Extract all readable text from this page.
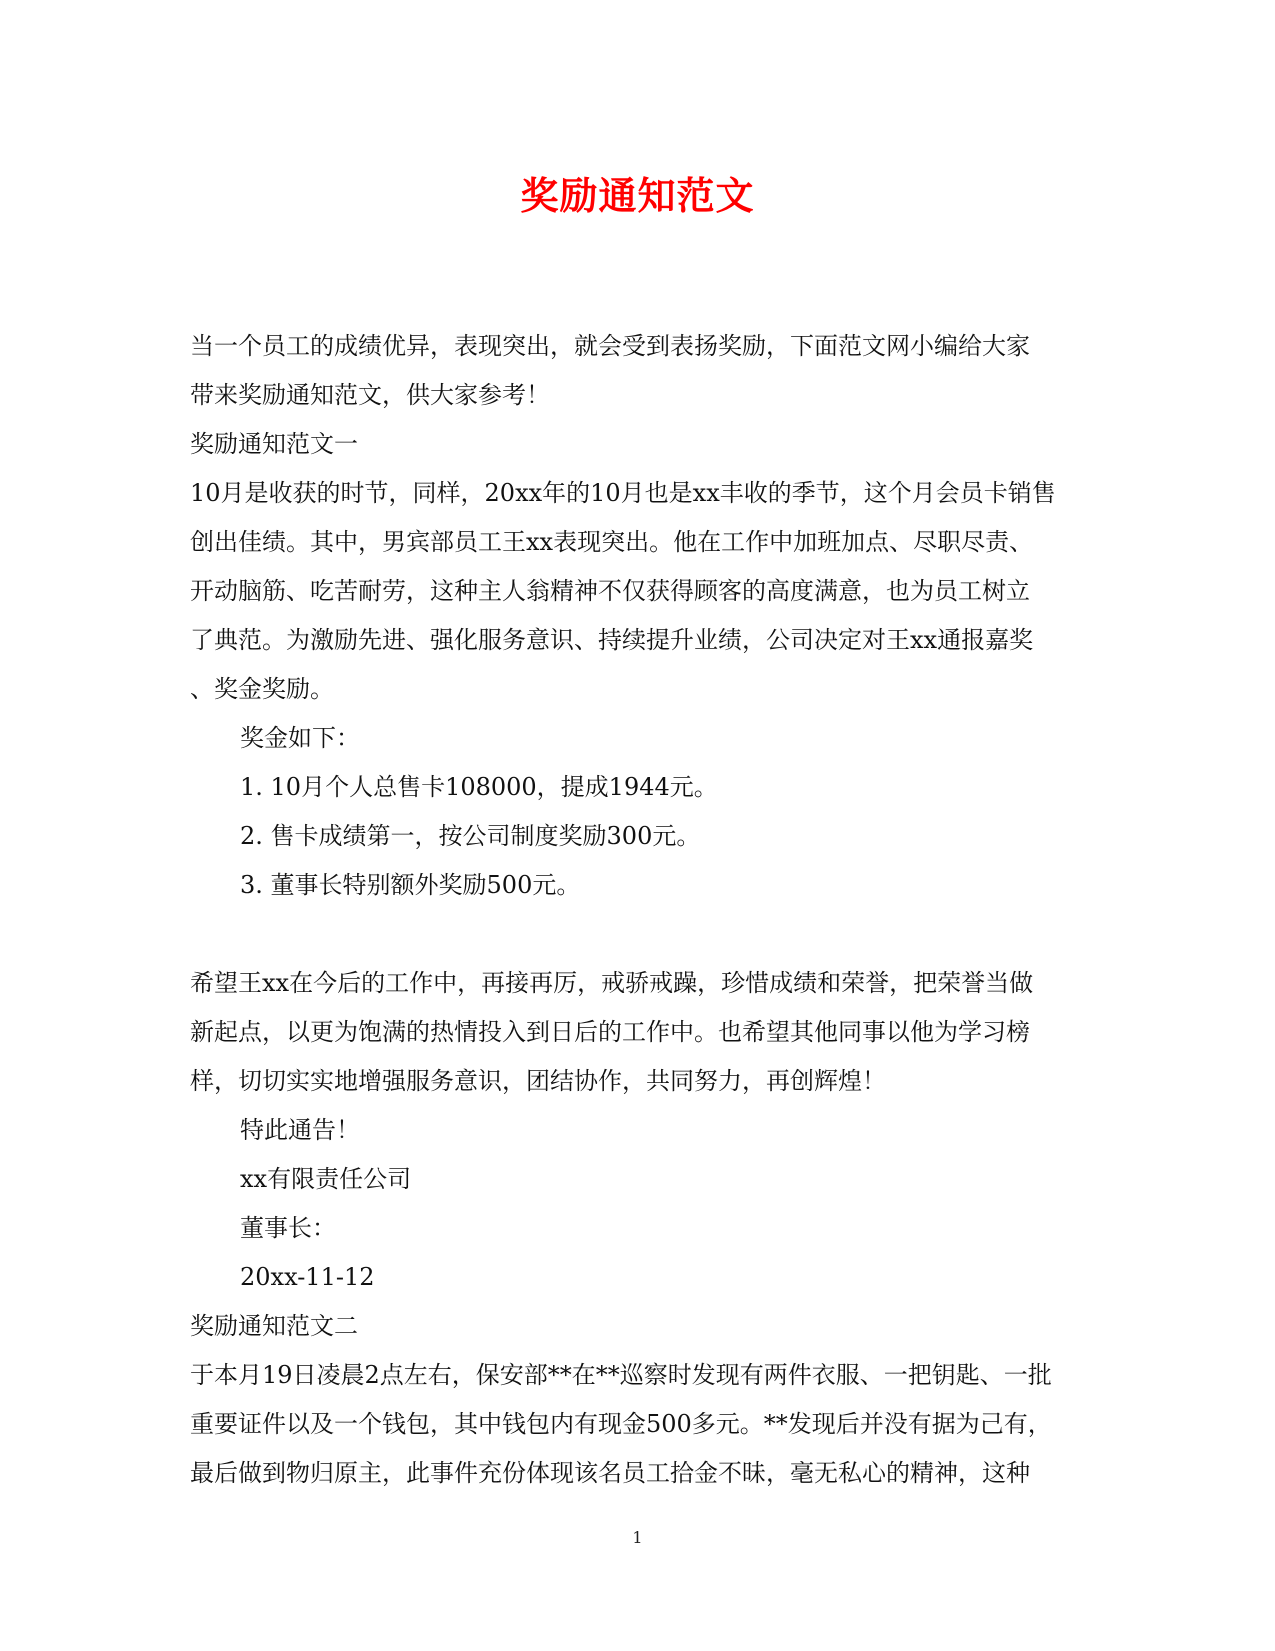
奖励通知范文
当一个员工的成绩优异，表现突出，就会受到表扬奖励，下面范文网小编给大家
带来奖励通知范文，供大家参考！
奖励通知范文一
10月是收获的时节，同样，20xx年的10月也是xx丰收的季节，这个月会员卡销售
创出佳绩。其中，男宾部员工王xx表现突出。他在工作中加班加点、尽职尽责、
开动脑筋、吃苦耐劳，这种主人翁精神不仅获得顾客的高度满意，也为员工树立
了典范。为激励先进、强化服务意识、持续提升业绩，公司决定对王xx通报嘉奖
、奖金奖励。
奖金如下：
1. 10月个人总售卡108000，提成1944元。
2. 售卡成绩第一，按公司制度奖励300元。
3. 董事长特别额外奖励500元。
希望王xx在今后的工作中，再接再厉，戒骄戒躁，珍惜成绩和荣誉，把荣誉当做
新起点，以更为饱满的热情投入到日后的工作中。也希望其他同事以他为学习榜
样，切切实实地增强服务意识，团结协作，共同努力，再创辉煌！
特此通告！
xx有限责任公司
董事长：
20xx-11-12
奖励通知范文二
于本月19日凌晨2点左右，保安部**在**巡察时发现有两件衣服、一把钥匙、一批
重要证件以及一个钱包，其中钱包内有现金500多元。**发现后并没有据为己有，
最后做到物归原主，此事件充份体现该名员工拾金不昧，毫无私心的精神，这种
1
